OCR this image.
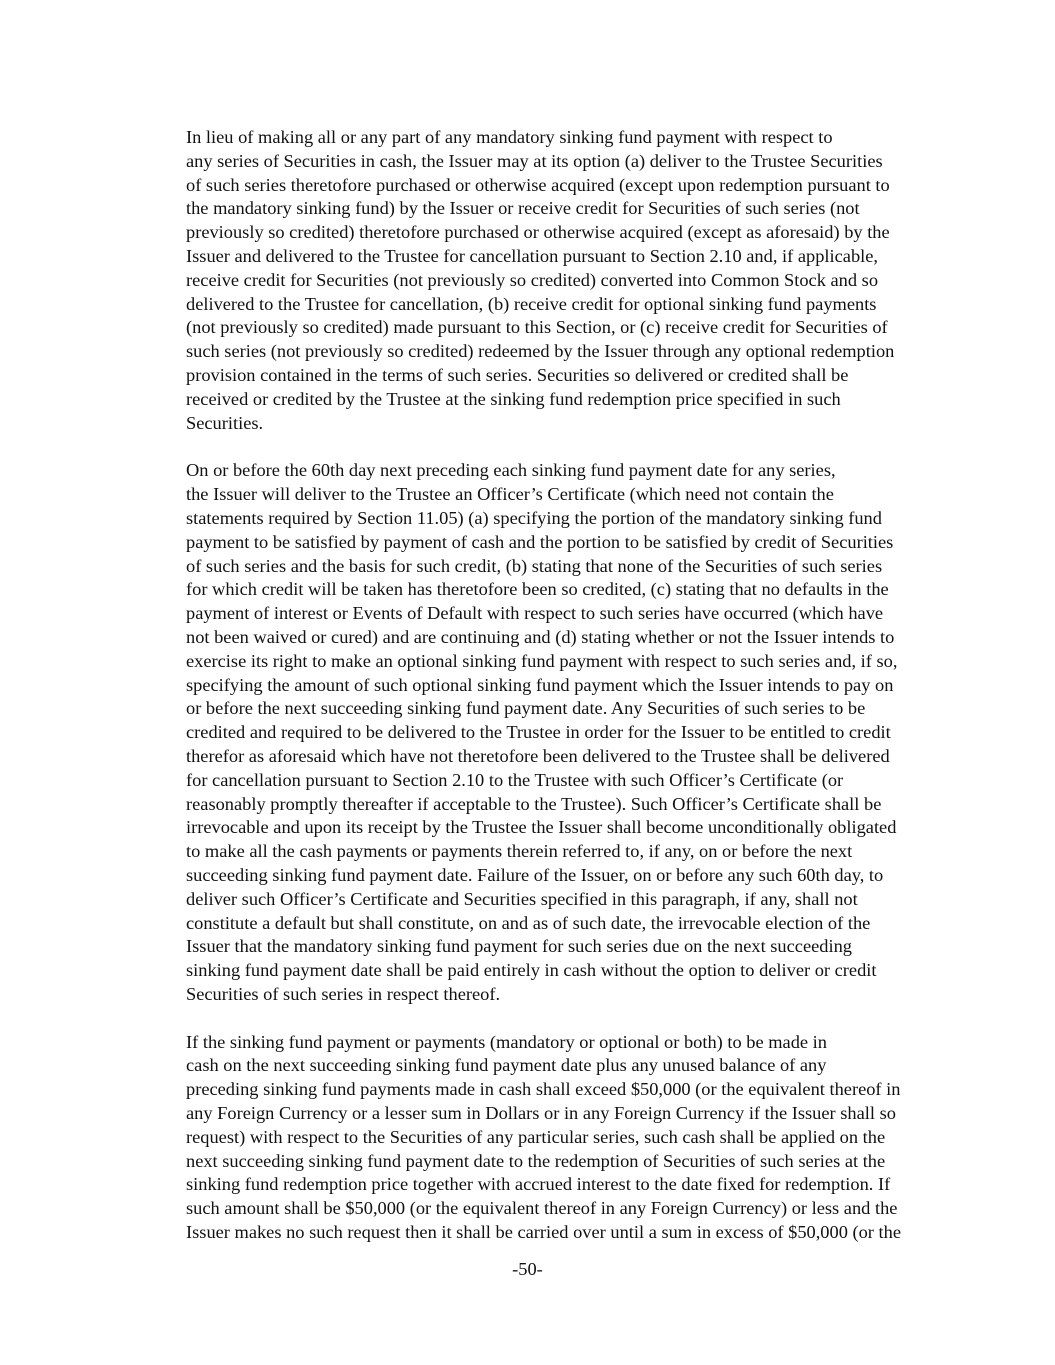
In lieu of making all or any part of any mandatory sinking fund payment with respect to
any series of Securities in cash, the Issuer may at its option (a) deliver to the Trustee Securities
of such series theretofore purchased or otherwise acquired (except upon redemption pursuant to
the mandatory sinking fund) by the Issuer or receive credit for Securities of such series (not
previously so credited) theretofore purchased or otherwise acquired (except as aforesaid) by the
Issuer and delivered to the Trustee for cancellation pursuant to Section 2.10 and, if applicable,
receive credit for Securities (not previously so credited) converted into Common Stock and so
delivered to the Trustee for cancellation, (b) receive credit for optional sinking fund payments
(not previously so credited) made pursuant to this Section, or (c) receive credit for Securities of
such series (not previously so credited) redeemed by the Issuer through any optional redemption
provision contained in the terms of such series. Securities so delivered or credited shall be
received or credited by the Trustee at the sinking fund redemption price specified in such
Securities.

On or before the 60th day next preceding each sinking fund payment date for any series,
the Issuer will deliver to the Trustee an Officer’s Certificate (which need not contain the
statements required by Section 11.05) (a) specifying the portion of the mandatory sinking fund
payment to be satisfied by payment of cash and the portion to be satisfied by credit of Securities
of such series and the basis for such credit, (b) stating that none of the Securities of such series
for which credit will be taken has theretofore been so credited, (c) stating that no defaults in the
payment of interest or Events of Default with respect to such series have occurred (which have
not been waived or cured) and are continuing and (d) stating whether or not the Issuer intends to
exercise its right to make an optional sinking fund payment with respect to such series and, if so,
specifying the amount of such optional sinking fund payment which the Issuer intends to pay on
or before the next succeeding sinking fund payment date. Any Securities of such series to be
credited and required to be delivered to the Trustee in order for the Issuer to be entitled to credit
therefor as aforesaid which have not theretofore been delivered to the Trustee shall be delivered
for cancellation pursuant to Section 2.10 to the Trustee with such Officer’s Certificate (or
reasonably promptly thereafter if acceptable to the Trustee). Such Officer’s Certificate shall be
irrevocable and upon its receipt by the Trustee the Issuer shall become unconditionally obligated
to make all the cash payments or payments therein referred to, if any, on or before the next
succeeding sinking fund payment date. Failure of the Issuer, on or before any such 60th day, to
deliver such Officer’s Certificate and Securities specified in this paragraph, if any, shall not
constitute a default but shall constitute, on and as of such date, the irrevocable election of the
Issuer that the mandatory sinking fund payment for such series due on the next succeeding
sinking fund payment date shall be paid entirely in cash without the option to deliver or credit
Securities of such series in respect thereof.

If the sinking fund payment or payments (mandatory or optional or both) to be made in
cash on the next succeeding sinking fund payment date plus any unused balance of any
preceding sinking fund payments made in cash shall exceed $50,000 (or the equivalent thereof in
any Foreign Currency or a lesser sum in Dollars or in any Foreign Currency if the Issuer shall so
request) with respect to the Securities of any particular series, such cash shall be applied on the
next succeeding sinking fund payment date to the redemption of Securities of such series at the
sinking fund redemption price together with accrued interest to the date fixed for redemption. If
such amount shall be $50,000 (or the equivalent thereof in any Foreign Currency) or less and the
Issuer makes no such request then it shall be carried over until a sum in excess of $50,000 (or the

-50-
